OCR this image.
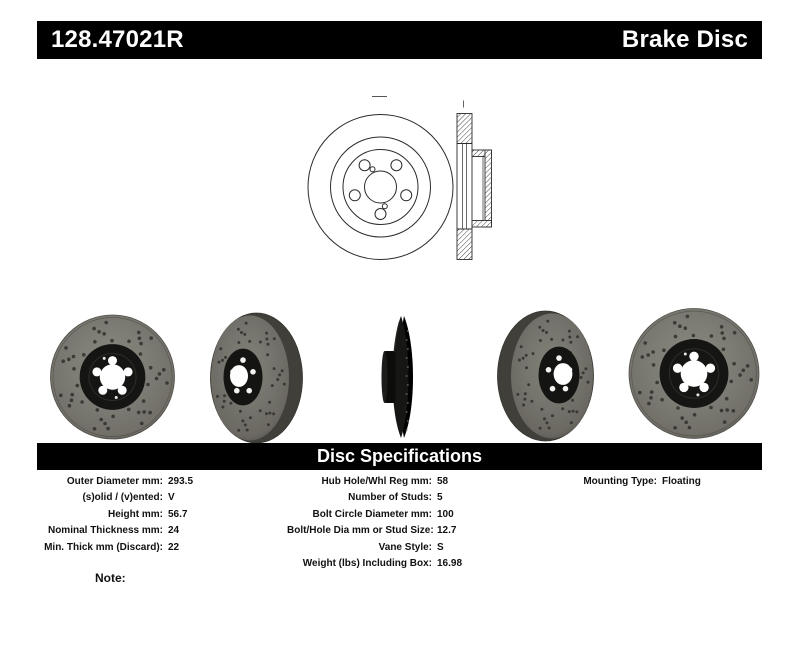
128.47021R	Brake Disc
Disc Specifications
Outer Diameter mm: 293.5
(s)olid / (v)ented: V
Height mm: 56.7
Nominal Thickness mm: 24
Min. Thick mm (Discard): 22
Hub Hole/Whl Reg mm: 58
Number of Studs: 5
Bolt Circle Diameter mm: 100
Bolt/Hole Dia mm or Stud Size: 12.7
Vane Style: S
Weight (lbs) Including Box: 16.98
Mounting Type: Floating
Note:
